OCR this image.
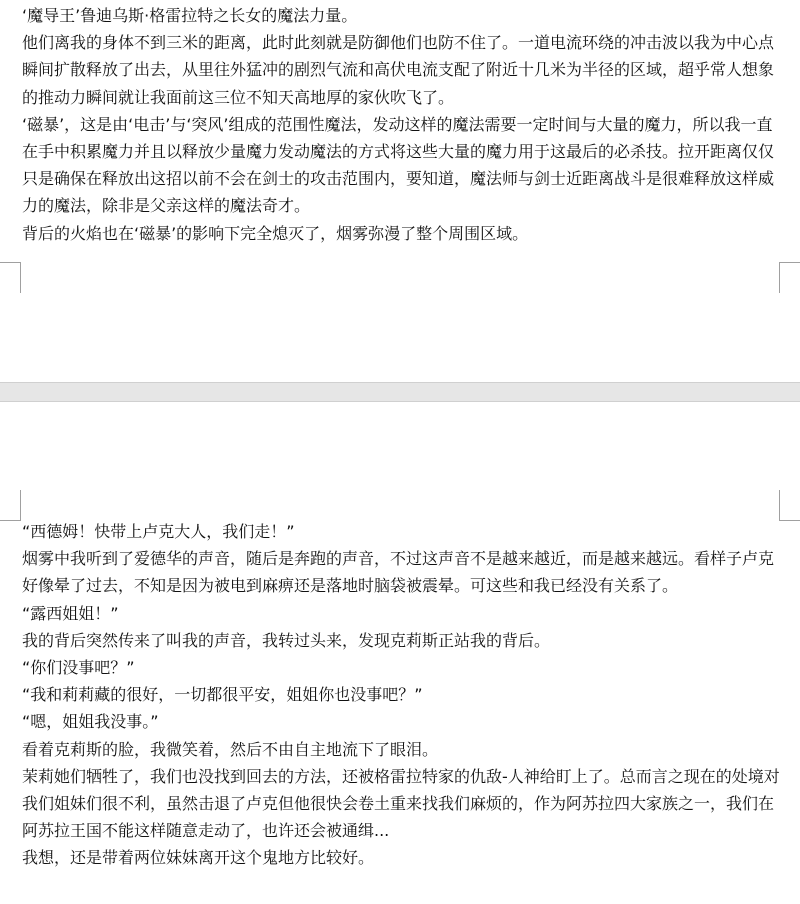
‘魔导王’鲁迪乌斯·格雷拉特之长女的魔法力量。

他们离我的身体不到三米的距离，此时此刻就是防御他们也防不住了。一道电流环绕的冲击波以我为中心点瞬间扩散释放了出去，从里往外猛冲的剧烈气流和高伏电流支配了附近十几米为半径的区域，超乎常人想象的推动力瞬间就让我面前这三位不知天高地厚的家伙吹飞了。

‘磁暴’，这是由‘电击’与‘突风’组成的范围性魔法，发动这样的魔法需要一定时间与大量的魔力，所以我一直在手中积累魔力并且以释放少量魔力发动魔法的方式将这些大量的魔力用于这最后的必杀技。拉开距离仅仅只是确保在释放出这招以前不会在剑士的攻击范围内，要知道，魔法师与剑士近距离战斗是很难释放这样威力的魔法，除非是父亲这样的魔法奇才。

背后的火焰也在‘磁暴’的影响下完全熄灭了，烟雾弥漫了整个周围区域。

“西德姆！快带上卢克大人，我们走！”

烟雾中我听到了爱德华的声音，随后是奔跑的声音，不过这声音不是越来越近，而是越来越远。看样子卢克好像晕了过去，不知是因为被电到麻痹还是落地时脑袋被震晕。可这些和我已经没有关系了。

“露西姐姐！”

我的背后突然传来了叫我的声音，我转过头来，发现克莉斯正站我的背后。

“你们没事吧？”

“我和莉莉藏的很好，一切都很平安，姐姐你也没事吧？”

“嗯，姐姐我没事。”

看着克莉斯的脸，我微笑着，然后不由自主地流下了眼泪。

茉莉她们牺牲了，我们也没找到回去的方法，还被格雷拉特家的仇敌-人神给盯上了。总而言之现在的处境对我们姐妹们很不利，虽然击退了卢克但他很快会卷土重来找我们麻烦的，作为阿苏拉四大家族之一，我们在阿苏拉王国不能这样随意走动了，也许还会被通缉...

我想，还是带着两位妹妹离开这个鬼地方比较好。
